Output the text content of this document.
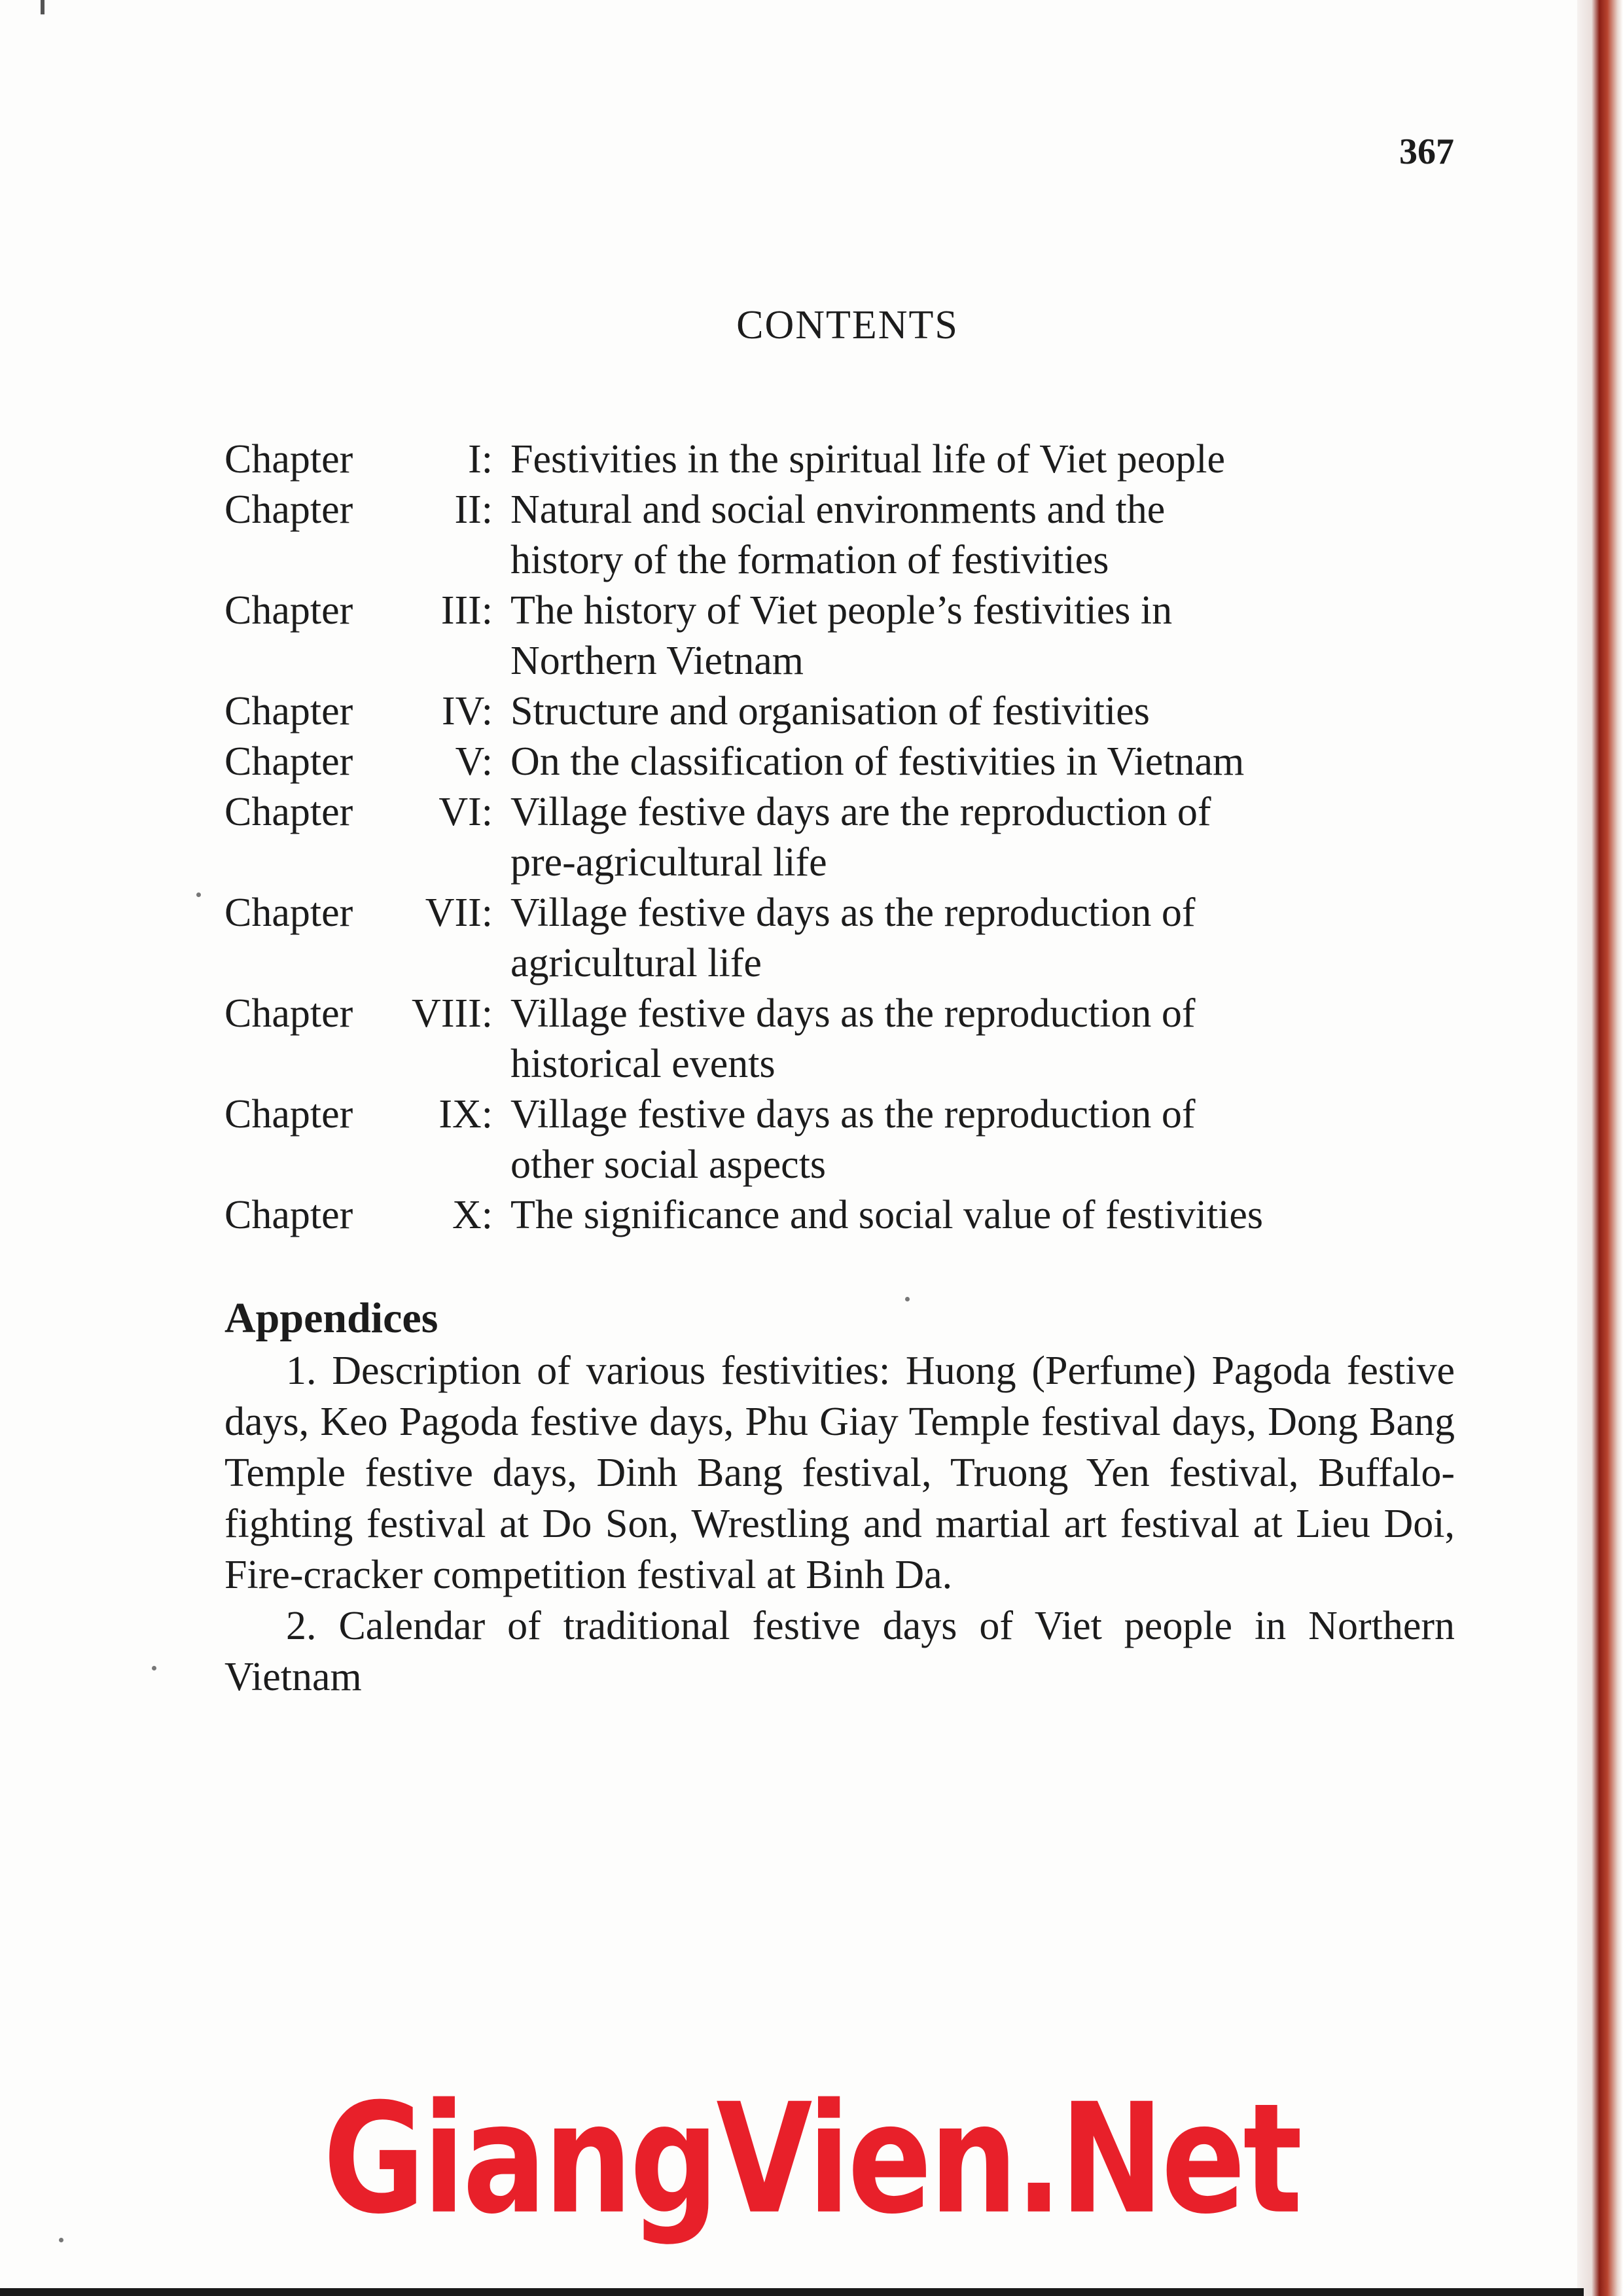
367
CONTENTS
Chapter	I: Festivities in the spiritual life of Viet people
Chapter	II: Natural and social environments and the
history of the formation of festivities
Chapter	III: The history of Viet people’s festivities in
Northern Vietnam
Chapter	IV: Structure and organisation of festivities
Chapter	V: On the classification of festivities in Vietnam
Chapter	VI: Village festive days are the reproduction of
pre-agricultural life
Chapter	VII: Village festive days as the reproduction of
agricultural life
Chapter	VIII: Village festive days as the reproduction of
historical events
Chapter	IX: Village festive days as the reproduction of
other social aspects
Chapter	X: The significance and social value of festivities
Appendices
1. Description of various festivities: Huong (Perfume) Pagoda festive days, Keo Pagoda festive days, Phu Giay Temple festival days, Dong Bang Temple festive days, Dinh Bang festival, Truong Yen festival, Buffalo-fighting festival at Do Son, Wrestling and martial art festival at Lieu Doi, Fire-cracker competition festival at Binh Da.
2. Calendar of traditional festive days of Viet people in Northern Vietnam
GiangVien.Net
